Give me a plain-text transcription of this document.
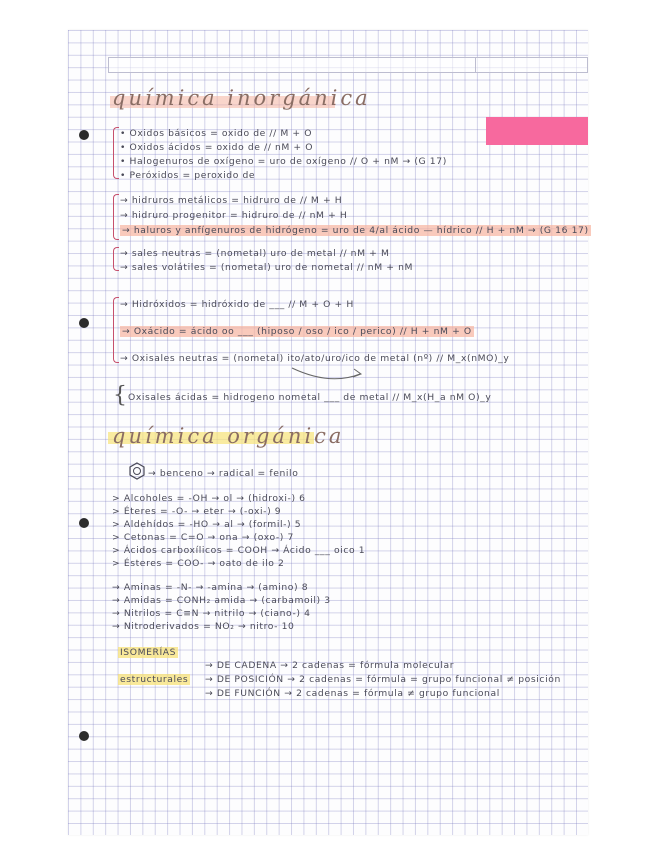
química inorgánica
• Oxidos básicos = oxido de // M + O
• Oxidos ácidos = oxido de // nM + O
• Halogenuros de oxígeno = uro de oxígeno // O + nM → (G 17)
• Peróxidos = peroxido de
→ hidruros metálicos = hidruro de // M + H
→ hidruro progenitor = hidruro de // nM + H
→ haluros y anfígenuros de hidrógeno = uro de 4/al ácido — hídrico // H + nM → (G 16 17)
→ sales neutras = (nometal) uro de metal // nM + M
→ sales volátiles = (nometal) uro de nometal // nM + nM
→ Hidróxidos = hidróxido de ___ // M + O + H
→ Oxácido = ácido oo ___ (hiposo / oso / ico / perico) // H + nM + O
→ Oxisales neutras = (nometal) ito/ato/uro/ico de metal (nº) // M_x(nMO)_y
{ Oxisales ácidas = hidrogeno nometal ___ de metal // M_x(H_a nM O)_y
química orgánica
→ benceno → radical = fenilo
> Alcoholes = -OH → ol → (hidroxi-) 6
> Éteres = -O- → eter → (-oxi-) 9
> Aldehídos = -HO → al → (formil-) 5
> Cetonas = C=O → ona → (oxo-) 7
> Ácidos carboxílicos = COOH → Ácido ___ oico 1
> Ésteres = COO- → oato de ilo 2
→ Aminas = -N- → -amina → (amino) 8
→ Amidas = CONH₂ amida → (carbamoil) 3
→ Nitrilos = C≡N → nitrilo → (ciano-) 4
→ Nitroderivados = NO₂ → nitro- 10
ISOMERÍAS
estructurales
→ DE CADENA → 2 cadenas = fórmula molecular
→ DE POSICIÓN → 2 cadenas = fórmula = grupo funcional ≠ posición
→ DE FUNCIÓN → 2 cadenas = fórmula ≠ grupo funcional
